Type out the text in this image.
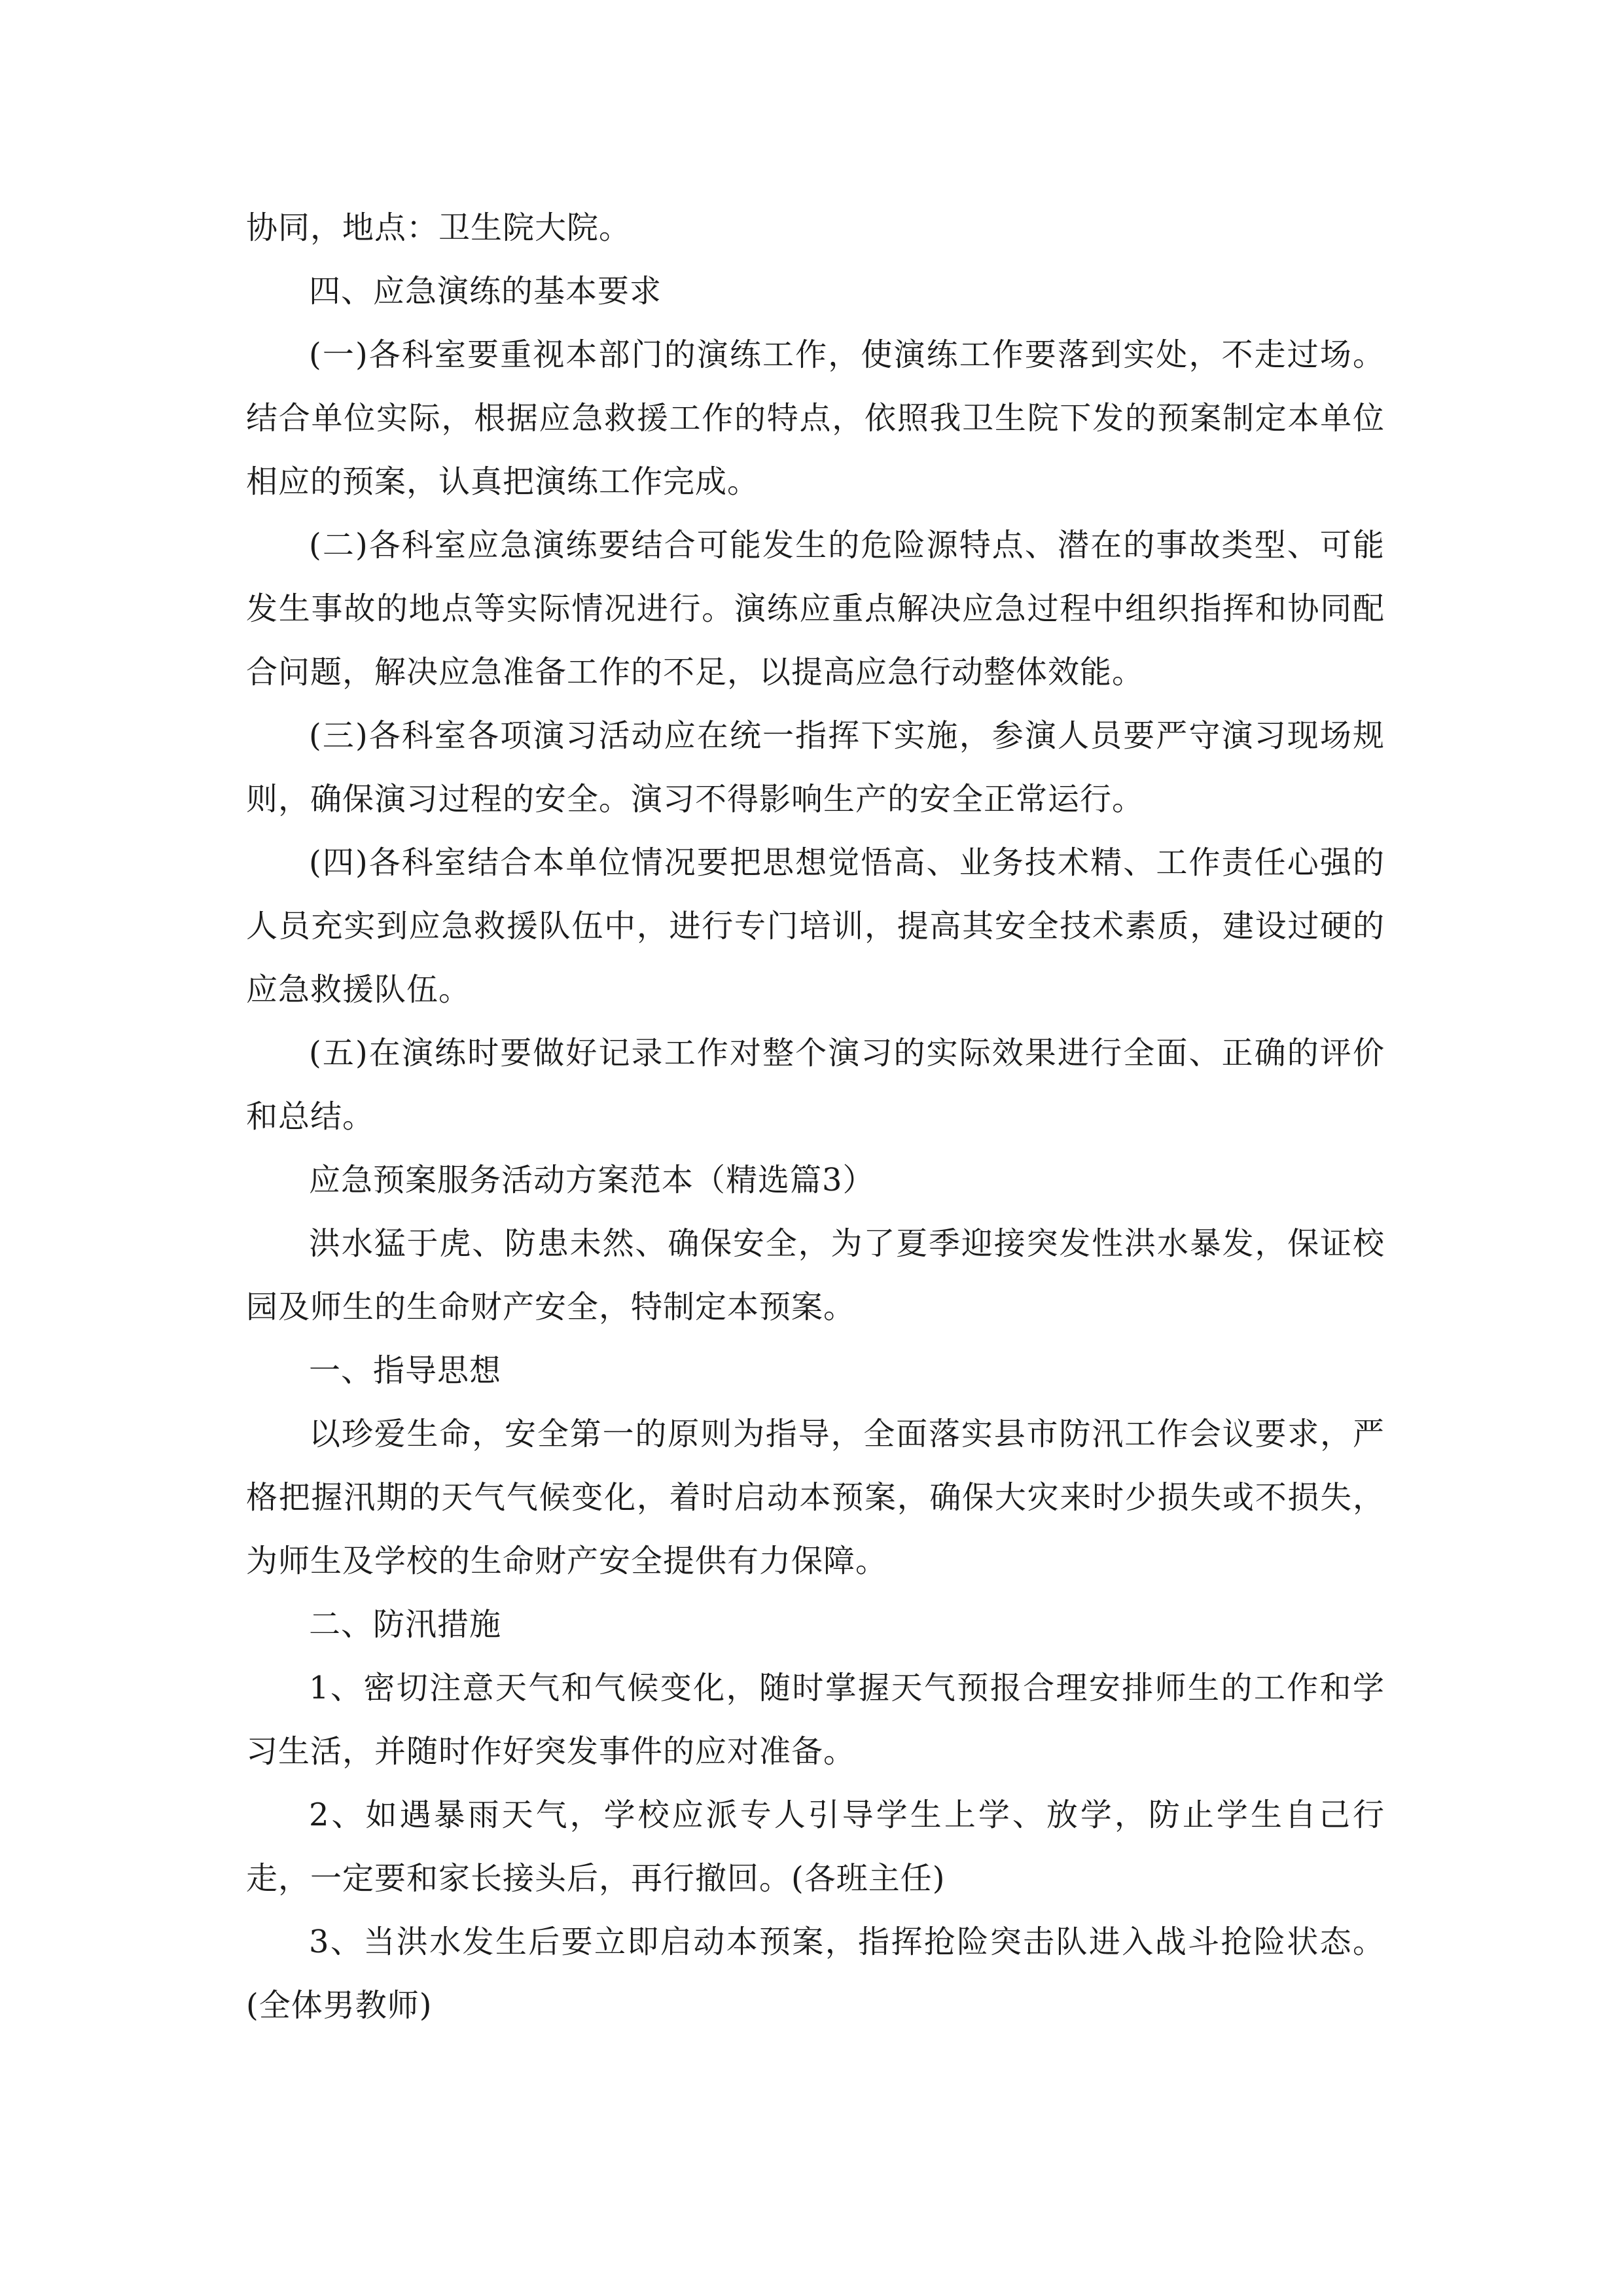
协同，地点：卫生院大院。

四、应急演练的基本要求

(一)各科室要重视本部门的演练工作，使演练工作要落到实处，不走过场。结合单位实际，根据应急救援工作的特点，依照我卫生院下发的预案制定本单位相应的预案，认真把演练工作完成。

(二)各科室应急演练要结合可能发生的危险源特点、潜在的事故类型、可能发生事故的地点等实际情况进行。演练应重点解决应急过程中组织指挥和协同配合问题，解决应急准备工作的不足，以提高应急行动整体效能。

(三)各科室各项演习活动应在统一指挥下实施，参演人员要严守演习现场规则，确保演习过程的安全。演习不得影响生产的安全正常运行。

(四)各科室结合本单位情况要把思想觉悟高、业务技术精、工作责任心强的人员充实到应急救援队伍中，进行专门培训，提高其安全技术素质，建设过硬的应急救援队伍。

(五)在演练时要做好记录工作对整个演习的实际效果进行全面、正确的评价和总结。

应急预案服务活动方案范本（精选篇3）

洪水猛于虎、防患未然、确保安全，为了夏季迎接突发性洪水暴发，保证校园及师生的生命财产安全，特制定本预案。

一、指导思想

以珍爱生命，安全第一的原则为指导，全面落实县市防汛工作会议要求，严格把握汛期的天气气候变化，着时启动本预案，确保大灾来时少损失或不损失，为师生及学校的生命财产安全提供有力保障。

二、防汛措施

1、密切注意天气和气候变化，随时掌握天气预报合理安排师生的工作和学习生活，并随时作好突发事件的应对准备。

2、如遇暴雨天气，学校应派专人引导学生上学、放学，防止学生自己行走，一定要和家长接头后，再行撤回。(各班主任)

3、当洪水发生后要立即启动本预案，指挥抢险突击队进入战斗抢险状态。(全体男教师)
